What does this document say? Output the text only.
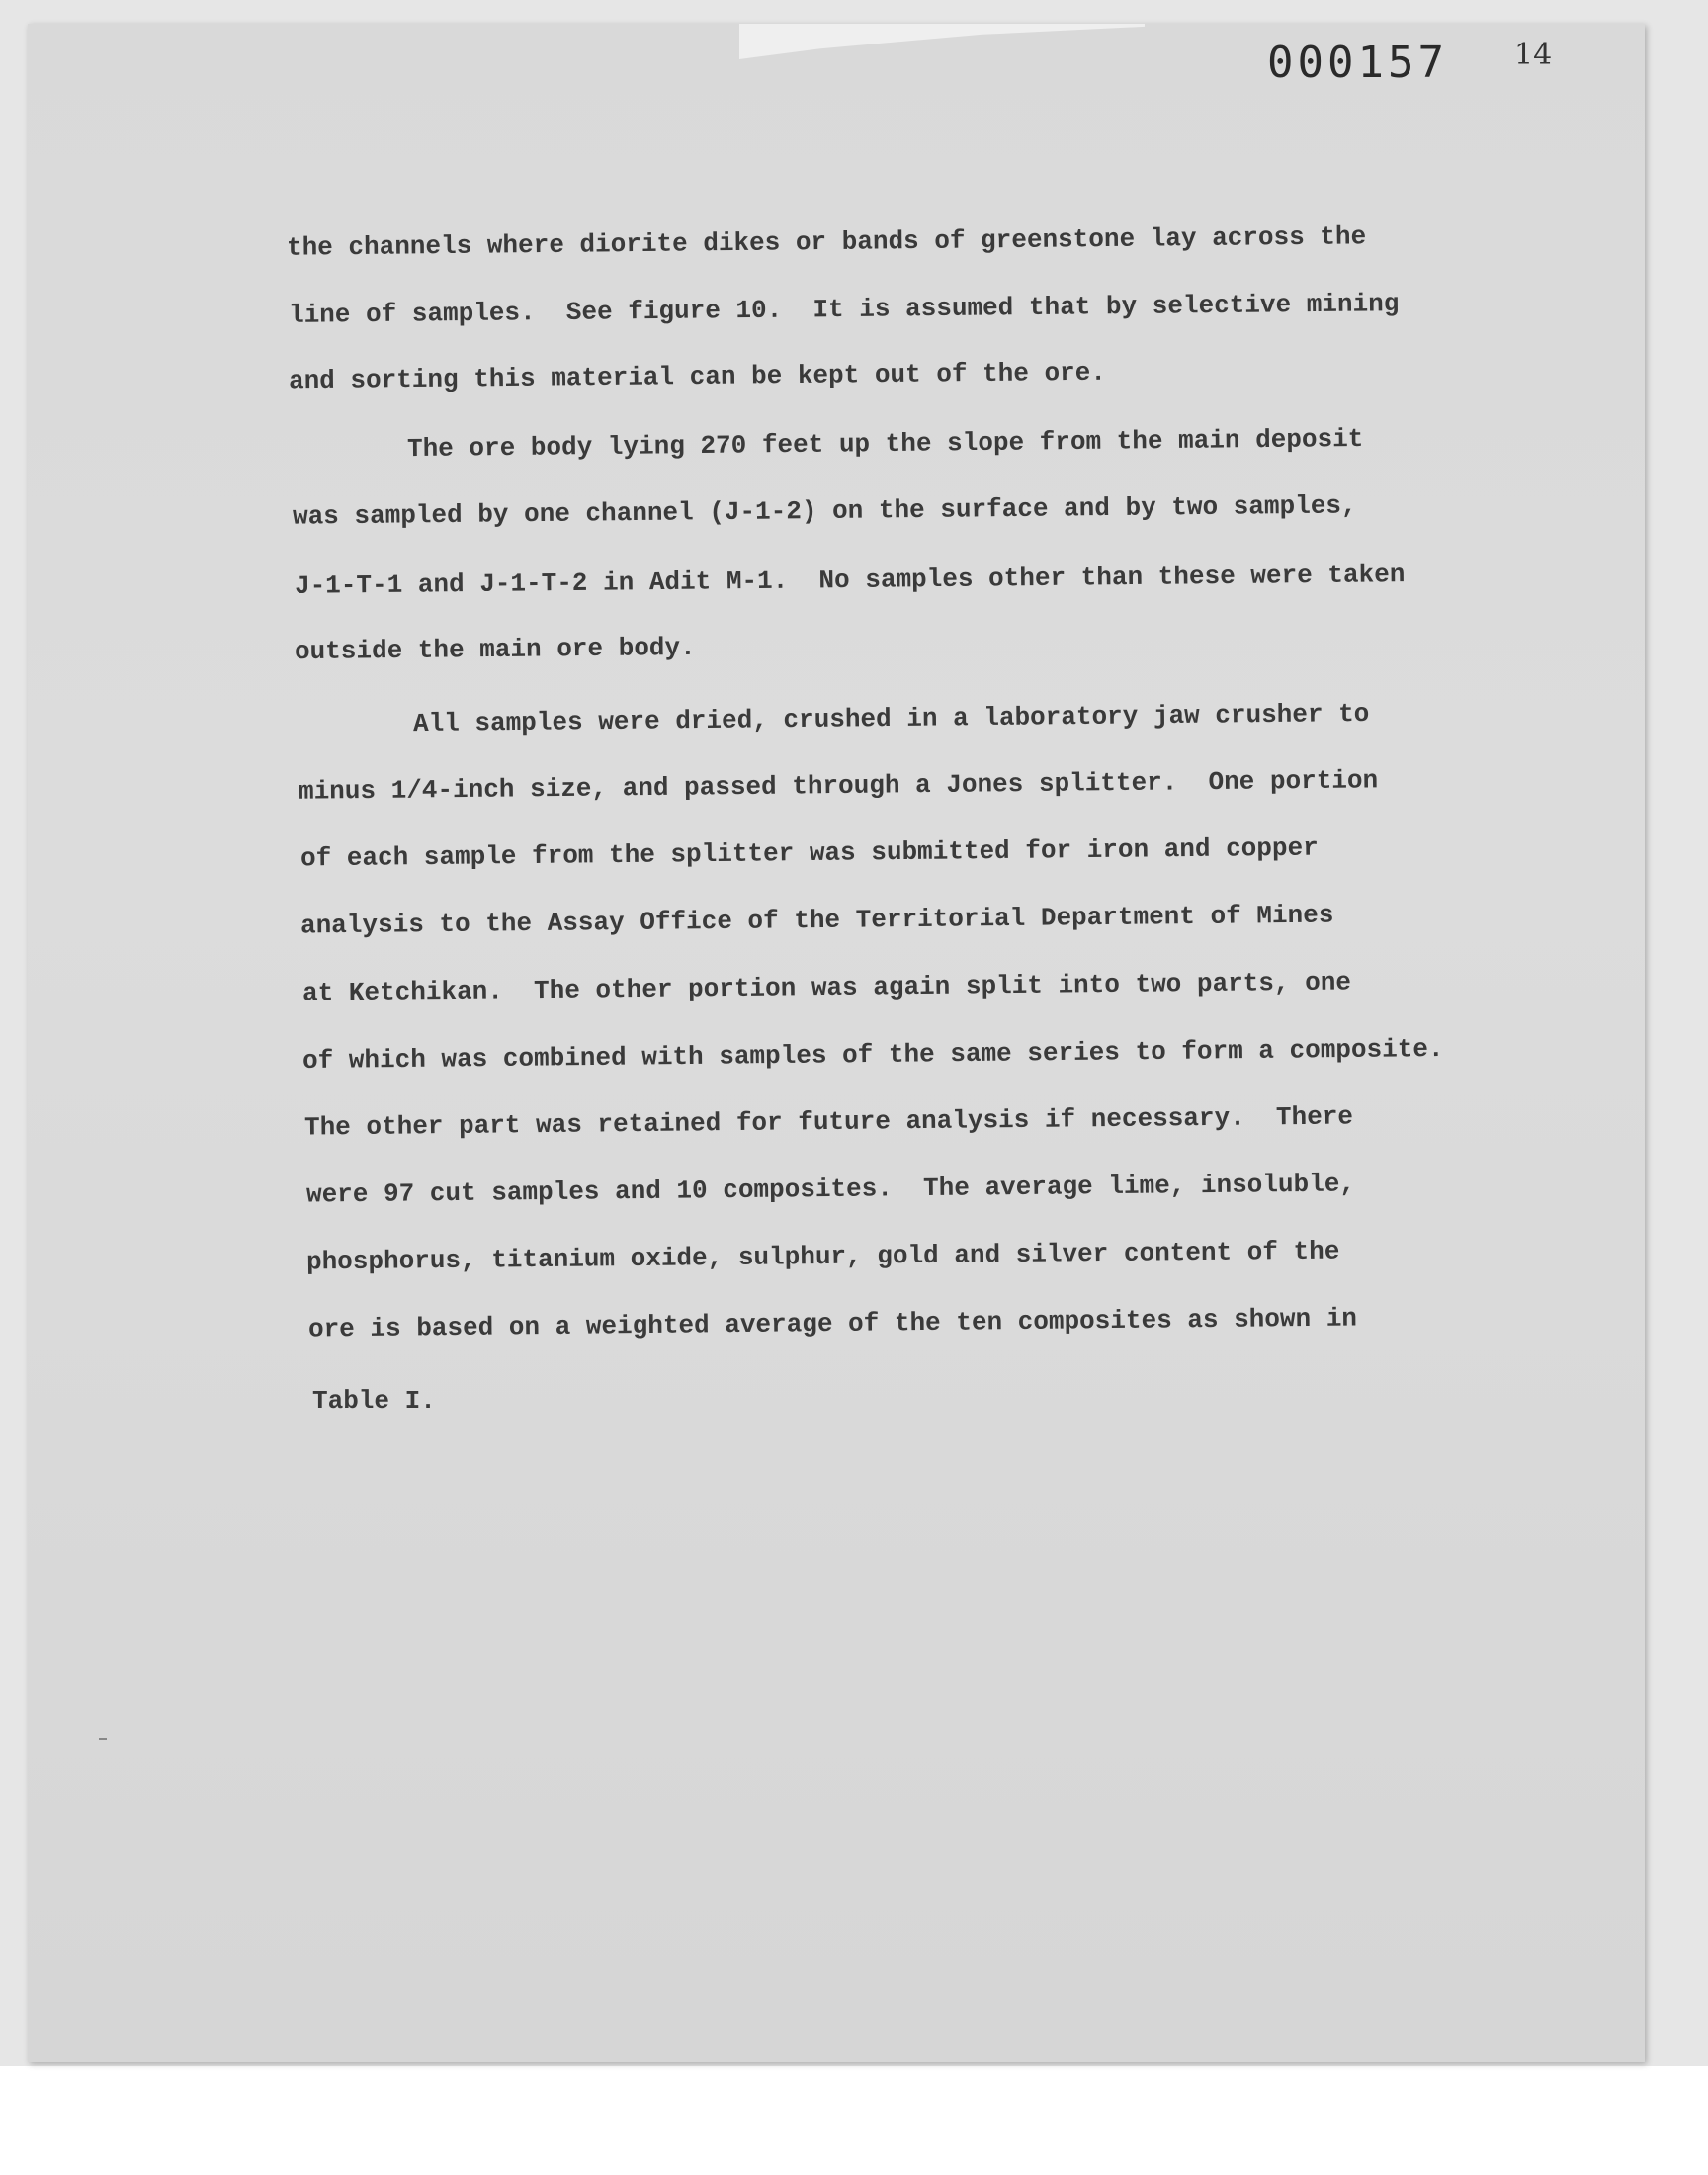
000157 14
the channels where diorite dikes or bands of greenstone lay across the
line of samples.  See figure 10.  It is assumed that by selective mining
and sorting this material can be kept out of the ore.
The ore body lying 270 feet up the slope from the main deposit
was sampled by one channel (J-1-2) on the surface and by two samples,
J-1-T-1 and J-1-T-2 in Adit M-1.  No samples other than these were taken
outside the main ore body.
All samples were dried, crushed in a laboratory jaw crusher to
minus 1/4-inch size, and passed through a Jones splitter.  One portion
of each sample from the splitter was submitted for iron and copper
analysis to the Assay Office of the Territorial Department of Mines
at Ketchikan.  The other portion was again split into two parts, one
of which was combined with samples of the same series to form a composite.
The other part was retained for future analysis if necessary.  There
were 97 cut samples and 10 composites.  The average lime, insoluble,
phosphorus, titanium oxide, sulphur, gold and silver content of the
ore is based on a weighted average of the ten composites as shown in
Table I.
